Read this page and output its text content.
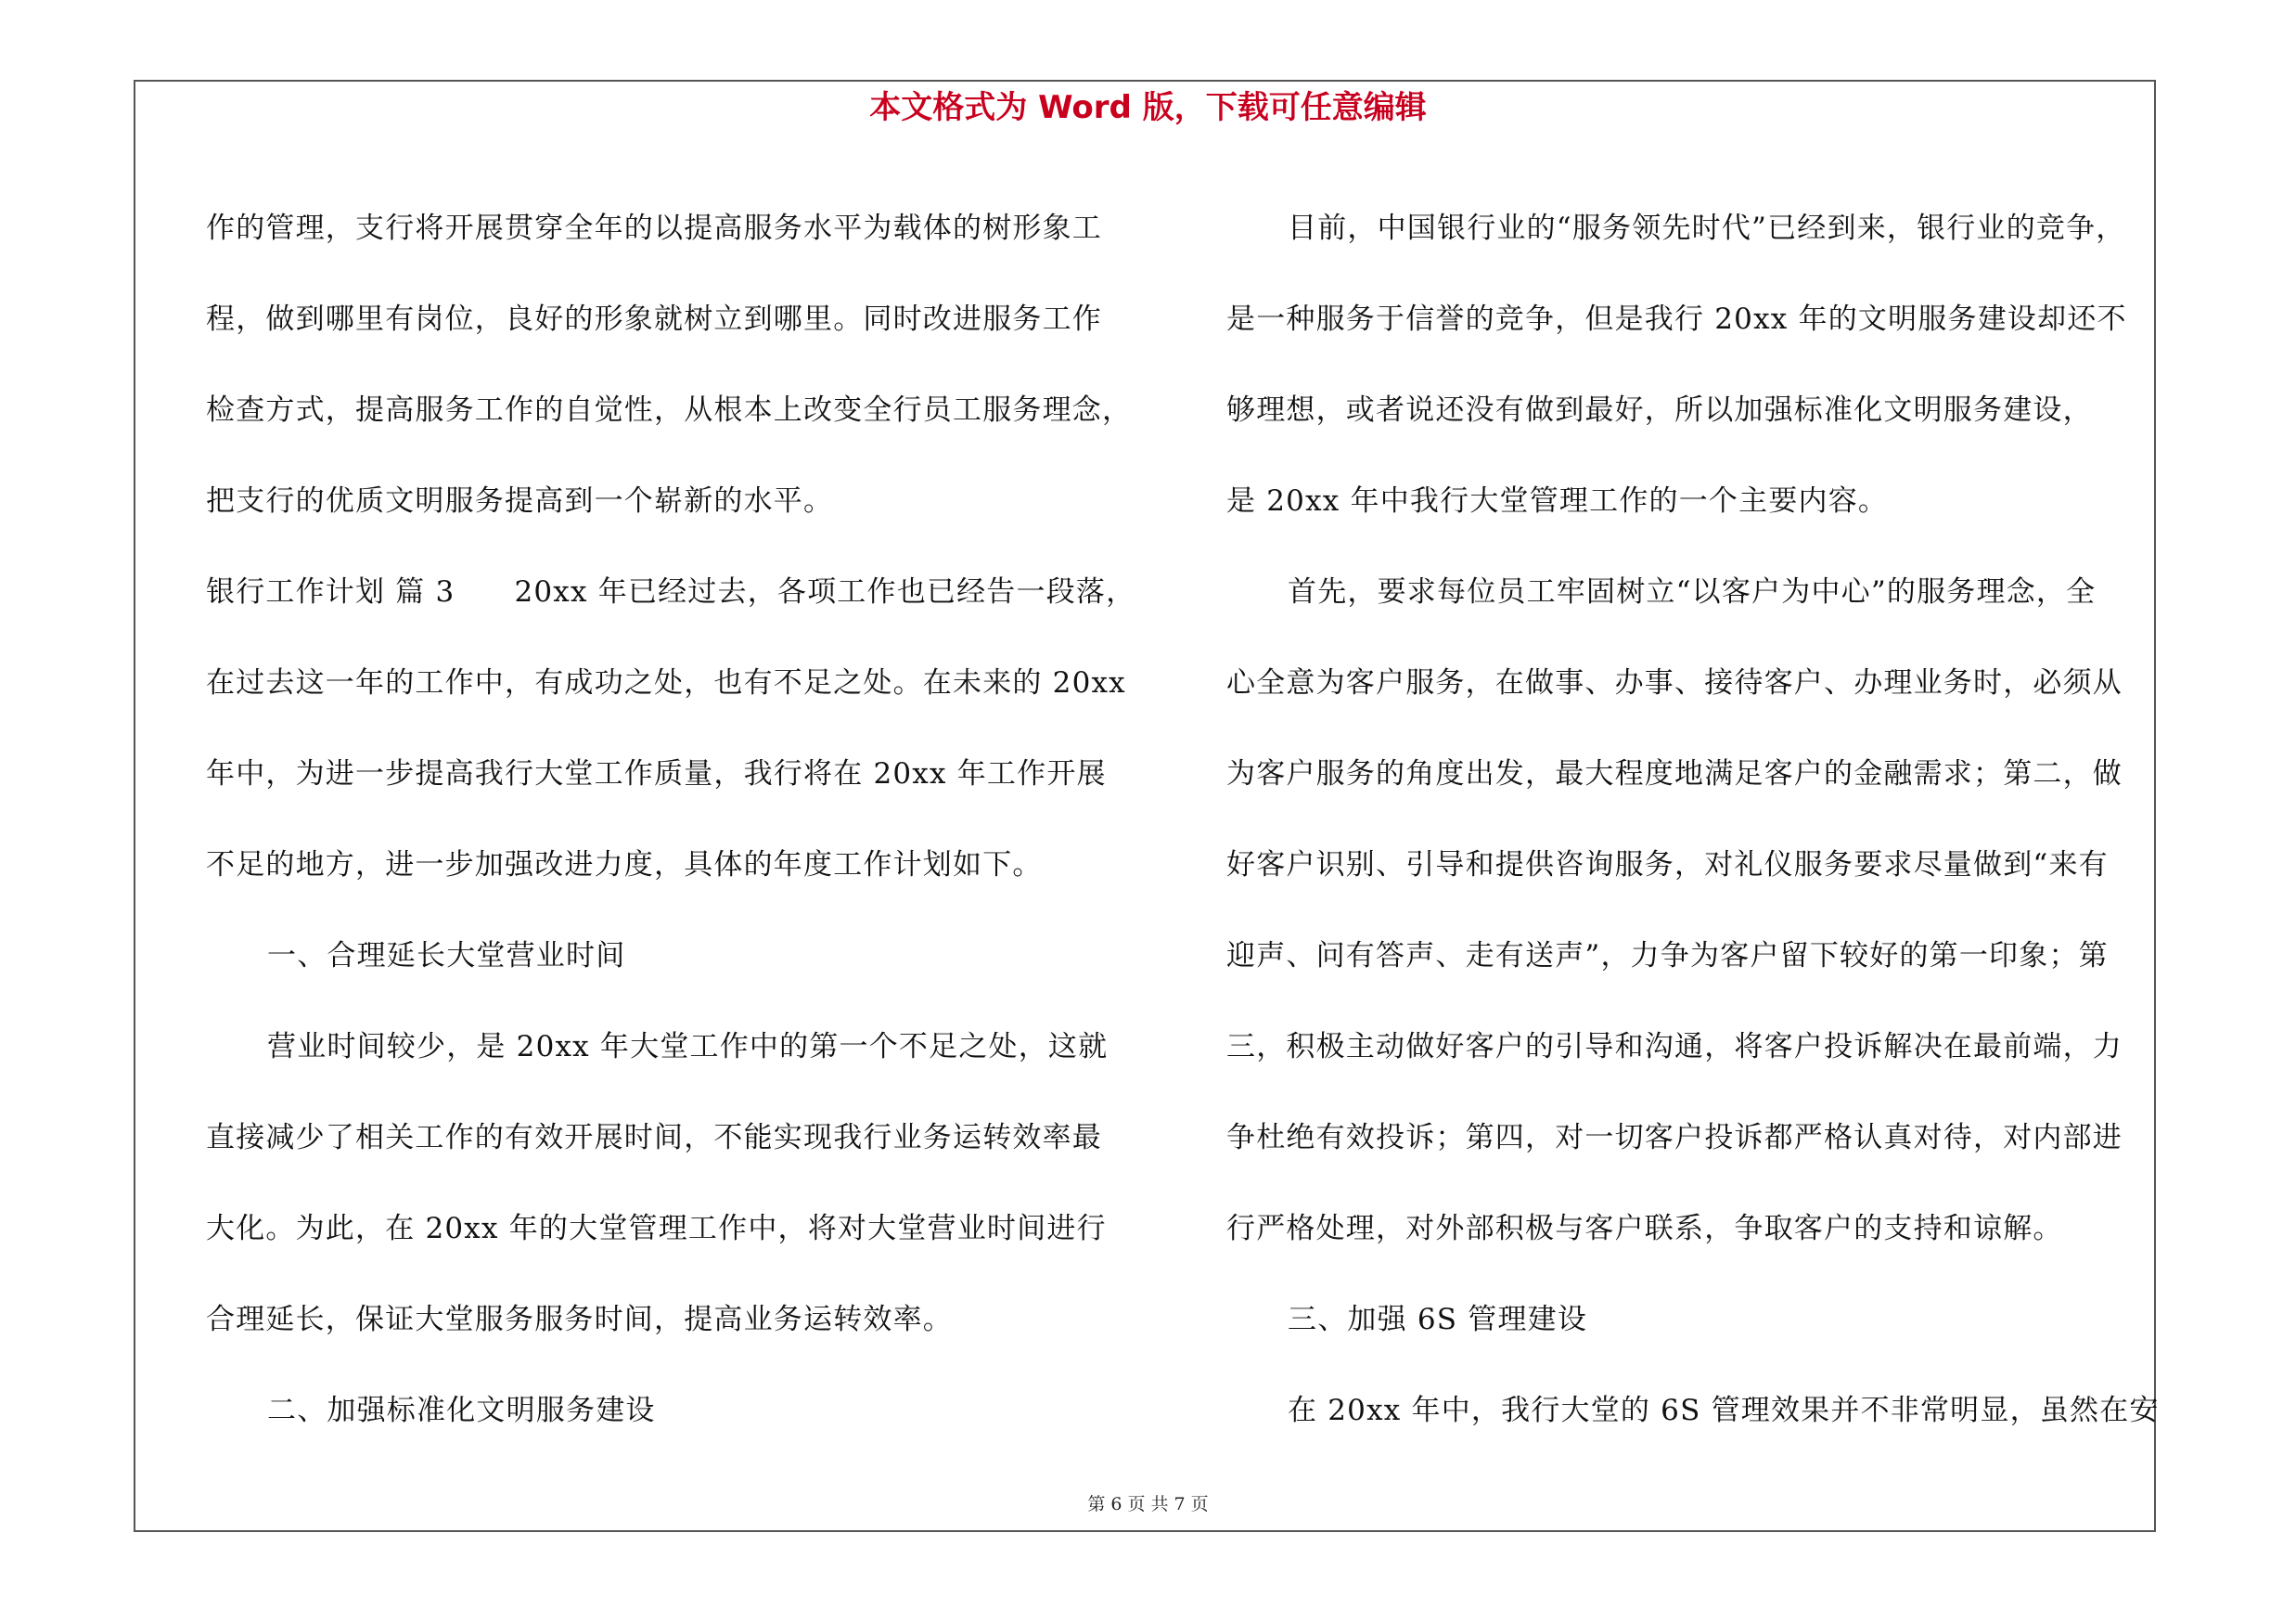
本文格式为 Word 版，下载可任意编辑
作的管理，支行将开展贯穿全年的以提高服务水平为载体的树形象工
程，做到哪里有岗位，良好的形象就树立到哪里。同时改进服务工作
检查方式，提高服务工作的自觉性，从根本上改变全行员工服务理念，
把支行的优质文明服务提高到一个崭新的水平。
银行工作计划 篇 3 20xx 年已经过去，各项工作也已经告一段落，
在过去这一年的工作中，有成功之处，也有不足之处。在未来的 20xx
年中，为进一步提高我行大堂工作质量，我行将在 20xx 年工作开展
不足的地方，进一步加强改进力度，具体的年度工作计划如下。
一、合理延长大堂营业时间
营业时间较少，是 20xx 年大堂工作中的第一个不足之处，这就
直接减少了相关工作的有效开展时间，不能实现我行业务运转效率最
大化。为此，在 20xx 年的大堂管理工作中，将对大堂营业时间进行
合理延长，保证大堂服务服务时间，提高业务运转效率。
二、加强标准化文明服务建设
目前，中国银行业的“服务领先时代”已经到来，银行业的竞争，
是一种服务于信誉的竞争，但是我行 20xx 年的文明服务建设却还不
够理想，或者说还没有做到最好，所以加强标准化文明服务建设，
是 20xx 年中我行大堂管理工作的一个主要内容。
首先，要求每位员工牢固树立“以客户为中心”的服务理念，全
心全意为客户服务，在做事、办事、接待客户、办理业务时，必须从
为客户服务的角度出发，最大程度地满足客户的金融需求；第二，做
好客户识别、引导和提供咨询服务，对礼仪服务要求尽量做到“来有
迎声、问有答声、走有送声”，力争为客户留下较好的第一印象；第
三，积极主动做好客户的引导和沟通，将客户投诉解决在最前端，力
争杜绝有效投诉；第四，对一切客户投诉都严格认真对待，对内部进
行严格处理，对外部积极与客户联系，争取客户的支持和谅解。
三、加强 6S 管理建设
在 20xx 年中，我行大堂的 6S 管理效果并不非常明显，虽然在安
第 6 页 共 7 页
